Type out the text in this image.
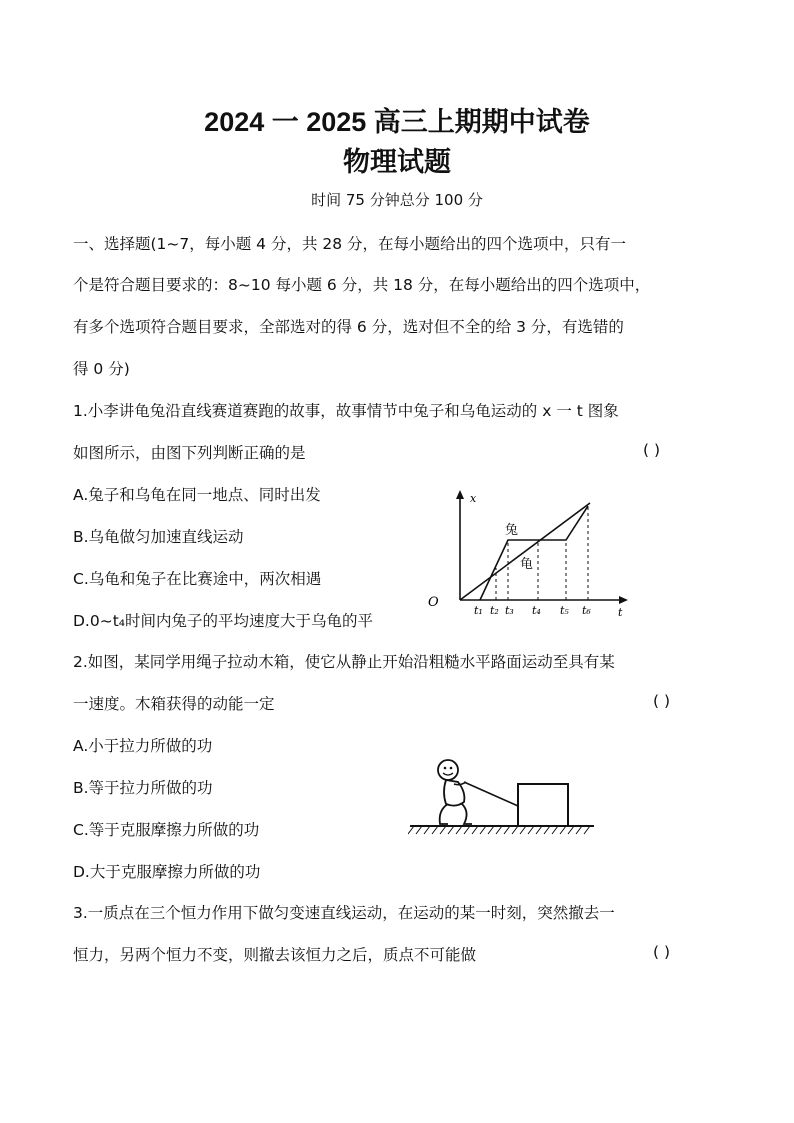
2024 一 2025 高三上期期中试卷
物理试题
时间 75 分钟总分 100 分
一、选择题(1~7，每小题 4 分，共 28 分，在每小题给出的四个选项中，只有一
个是符合题目要求的：8~10 每小题 6 分，共 18 分，在每小题给出的四个选项中，
有多个选项符合题目要求，全部选对的得 6 分，选对但不全的给 3 分，有选错的
得 0 分)
1.小李讲龟兔沿直线赛道赛跑的故事，故事情节中兔子和乌龟运动的 x 一 t 图象
如图所示，由图下列判断正确的是	( )
A.兔子和乌龟在同一地点、同时出发
B.乌龟做匀加速直线运动
C.乌龟和兔子在比赛途中，两次相遇
D.0~t₄时间内兔子的平均速度大于乌龟的平
x
t
O
兔
龟
t₁ t₂ t₃ t₄ t₅ t₆
2.如图，某同学用绳子拉动木箱，使它从静止开始沿粗糙水平路面运动至具有某
一速度。木箱获得的动能一定	( )
A.小于拉力所做的功
B.等于拉力所做的功
C.等于克服摩擦力所做的功
D.大于克服摩擦力所做的功
3.一质点在三个恒力作用下做匀变速直线运动，在运动的某一时刻，突然撤去一
恒力，另两个恒力不变，则撤去该恒力之后，质点不可能做	( )
